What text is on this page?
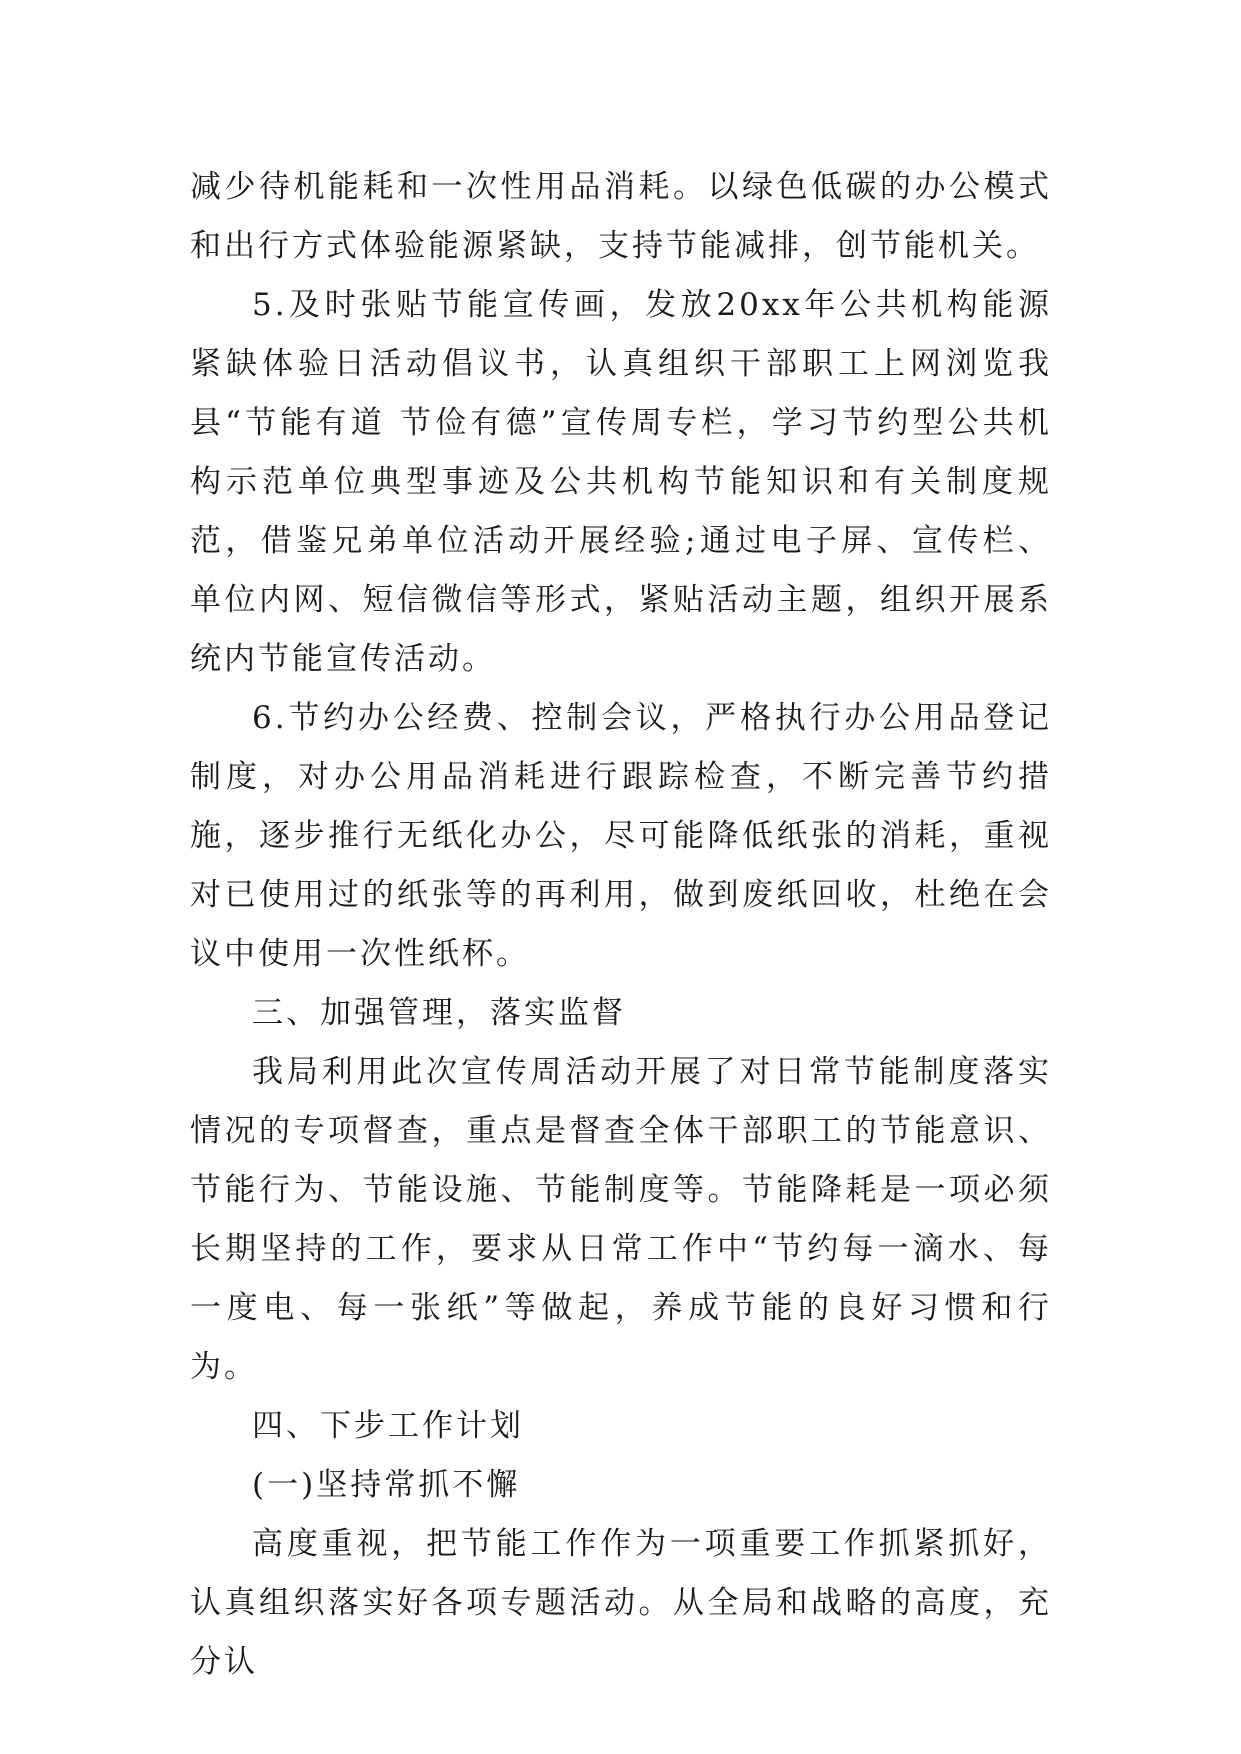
减少待机能耗和一次性用品消耗。以绿色低碳的办公模式和出行方式体验能源紧缺，支持节能减排，创节能机关。

5.及时张贴节能宣传画，发放20xx年公共机构能源紧缺体验日活动倡议书，认真组织干部职工上网浏览我县“节能有道 节俭有德”宣传周专栏，学习节约型公共机构示范单位典型事迹及公共机构节能知识和有关制度规范，借鉴兄弟单位活动开展经验;通过电子屏、宣传栏、单位内网、短信微信等形式，紧贴活动主题，组织开展系统内节能宣传活动。

6.节约办公经费、控制会议，严格执行办公用品登记制度，对办公用品消耗进行跟踪检查，不断完善节约措施，逐步推行无纸化办公，尽可能降低纸张的消耗，重视对已使用过的纸张等的再利用，做到废纸回收，杜绝在会议中使用一次性纸杯。

三、加强管理，落实监督

我局利用此次宣传周活动开展了对日常节能制度落实情况的专项督查，重点是督查全体干部职工的节能意识、节能行为、节能设施、节能制度等。节能降耗是一项必须长期坚持的工作，要求从日常工作中“节约每一滴水、每一度电、每一张纸”等做起，养成节能的良好习惯和行为。

四、下步工作计划

(一)坚持常抓不懈

高度重视，把节能工作作为一项重要工作抓紧抓好，认真组织落实好各项专题活动。从全局和战略的高度，充分认
